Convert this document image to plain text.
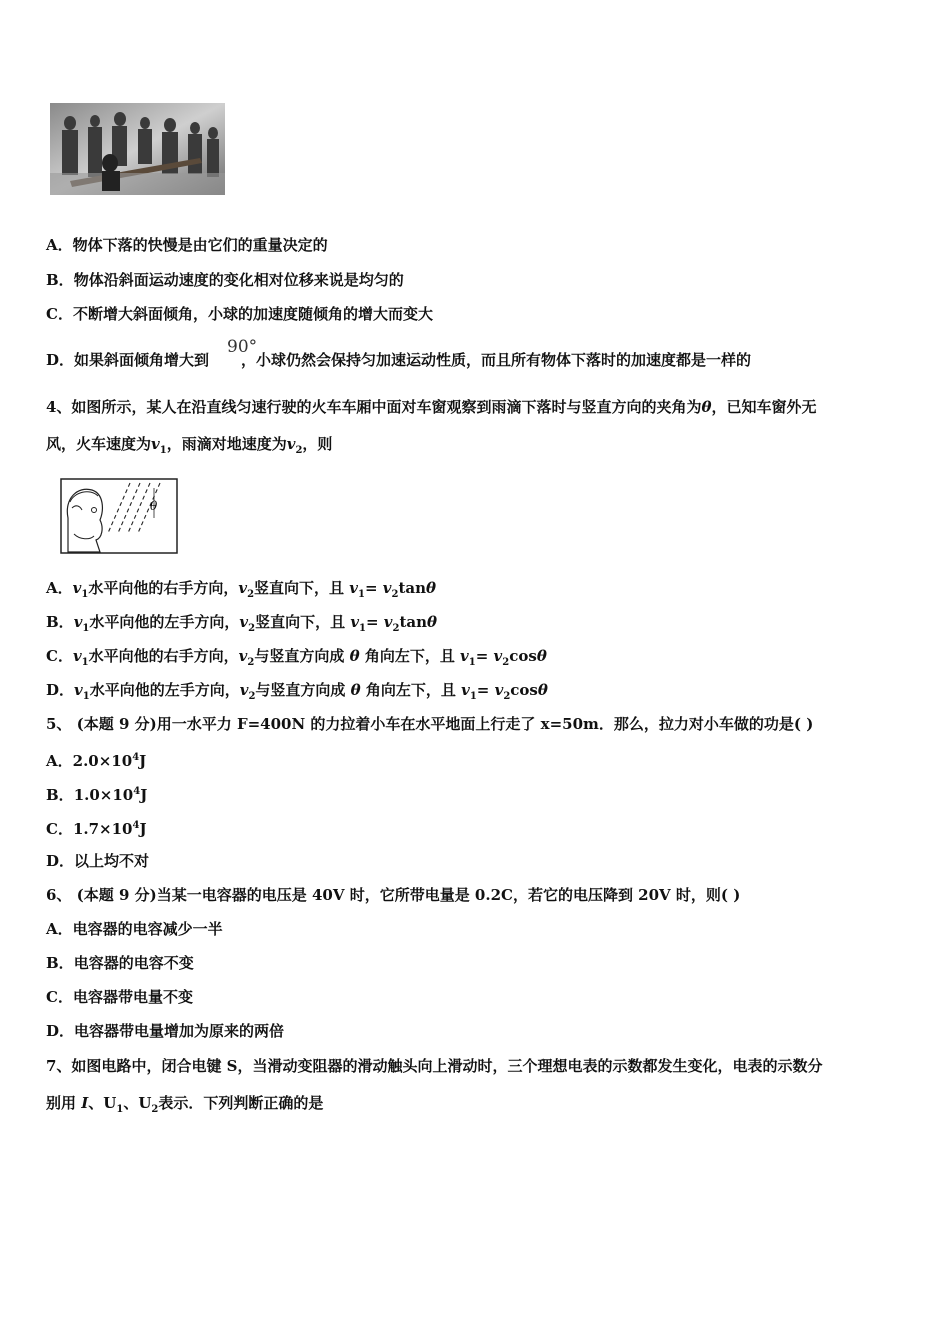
A．物体下落的快慢是由它们的重量决定的
B．物体沿斜面运动速度的变化相对位移来说是均匀的
C．不断增大斜面倾角，小球的加速度随倾角的增大而变大
D．如果斜面倾角增大到 ，小球仍然会保持匀加速运动性质，而且所有物体下落时的加速度都是一样的
90°
4、如图所示，某人在沿直线匀速行驶的火车车厢中面对车窗观察到雨滴下落时与竖直方向的夹角为θ，已知车窗外无
风，火车速度为$v_1$，雨滴对地速度为$v_2$，则
θ
A．$v_1$水平向他的右手方向，$v_2$竖直向下，且 $v_1= v_2\tan\theta$
B．$v_1$水平向他的左手方向，$v_2$竖直向下，且 $v_1= v_2\tan\theta$
C．$v_1$水平向他的右手方向，$v_2$与竖直方向成 θ 角向左下，且 $v_1= v_2\cos\theta$
D．$v_1$水平向他的左手方向，$v_2$与竖直方向成 θ 角向左下，且 $v_1= v_2\cos\theta$
5、 (本题 9 分)用一水平力 F=400N 的力拉着小车在水平地面上行走了 x=50m．那么，拉力对小车做的功是( )
A．$2.0\times 10^4J$
B．$1.0\times 10^4J$
C．$1.7\times 10^4J$
D．以上均不对
6、 (本题 9 分)当某一电容器的电压是 40V 时，它所带电量是 0.2C，若它的电压降到 20V 时，则( )
A．电容器的电容减少一半
B．电容器的电容不变
C．电容器带电量不变
D．电容器带电量增加为原来的两倍
7、如图电路中，闭合电键 S，当滑动变阻器的滑动触头向上滑动时，三个理想电表的示数都发生变化，电表的示数分
别用 I、$U_1$、$U_2$表示．下列判断正确的是
